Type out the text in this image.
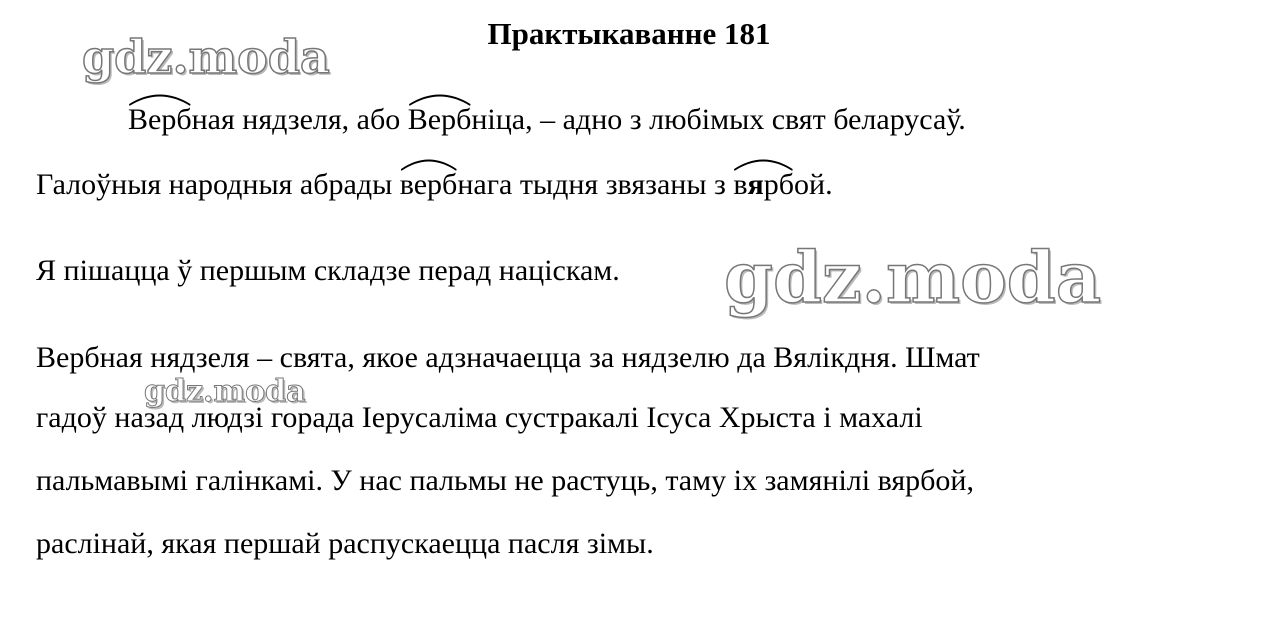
Практыкаванне 181
Вербная нядзеля, або
Вербніца, – адно з любімых свят беларусаў.
Галоўныя народныя абрады
вербнага тыдня звязаны з
вярбой.
Я пішацца ў першым складзе перад націскам.
Вербная нядзеля – свята, якое адзначаецца за нядзелю да Вялікдня. Шмат
гадоў назад людзі горада Іерусаліма сустракалі Ісуса Хрыста і махалі
пальмавымі галінкамі. У нас пальмы не растуць, таму іх замянілі вярбой,
раслінай, якая першай распускаецца пасля зімы.
gdz.moda
gdz.moda
gdz.moda
